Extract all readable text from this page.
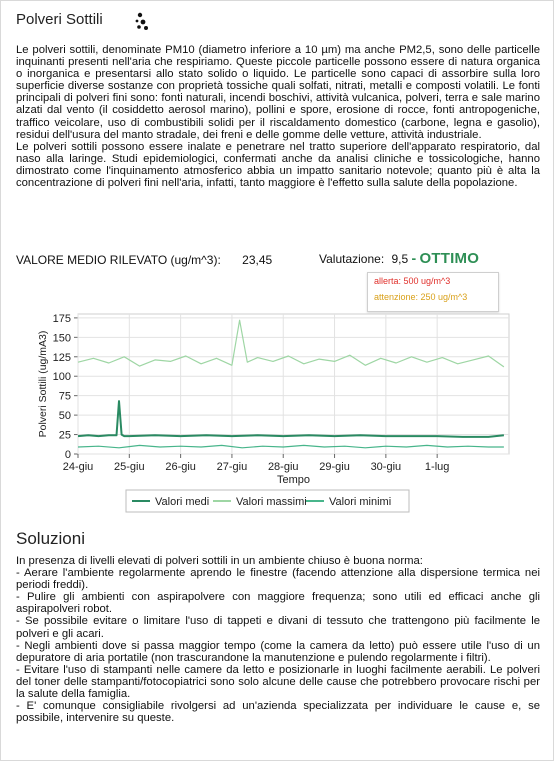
Polveri Sottili

Le polveri sottili, denominate PM10 (diametro inferiore a 10 µm) ma anche PM2,5, sono delle particelle inquinanti presenti nell'aria che respiriamo. Queste piccole particelle possono essere di natura organica o inorganica e presentarsi allo stato solido o liquido. Le particelle sono capaci di assorbire sulla loro superficie diverse sostanze con proprietà tossiche quali solfati, nitrati, metalli e composti volatili. Le fonti principali di polveri fini sono: fonti naturali, incendi boschivi, attività vulcanica, polveri, terra e sale marino alzati dal vento (il cosiddetto aerosol marino), pollini e spore, erosione di rocce, fonti antropogeniche, traffico veicolare, uso di combustibili solidi per il riscaldamento domestico (carbone, legna e gasolio), residui dell'usura del manto stradale, dei freni e delle gomme delle vetture, attività industriale.

Le polveri sottili possono essere inalate e penetrare nel tratto superiore dell'apparato respiratorio, dal naso alla laringe. Studi epidemiologici, confermati anche da analisi cliniche e tossicologiche, hanno dimostrato come l'inquinamento atmosferico abbia un impatto sanitario notevole; quanto più è alta la concentrazione di polveri fini nell'aria, infatti, tanto maggiore è l'effetto sulla salute della popolazione.

VALORE MEDIO RILEVATO (ug/m^3): 23,45	Valutazione: 9,5 - OTTIMO
allerta: 500 ug/m^3
attenzione: 250 ug/m^3
0
25
50
75
100
125
150
175
24-giu 25-giu 26-giu 27-giu 28-giu 29-giu 30-giu 1-lug
Tempo
Polveri Sottili (ug/mA3)
Valori medi Valori massimi Valori minimi
Soluzioni
In presenza di livelli elevati di polveri sottili in un ambiente chiuso è buona norma:
- Aerare l'ambiente regolarmente aprendo le finestre (facendo attenzione alla dispersione termica nei periodi freddi).
- Pulire gli ambienti con aspirapolvere con maggiore frequenza; sono utili ed efficaci anche gli aspirapolveri robot.
- Se possibile evitare o limitare l'uso di tappeti e divani di tessuto che trattengono più facilmente le polveri e gli acari.
- Negli ambienti dove si passa maggior tempo (come la camera da letto) può essere utile l'uso di un depuratore di aria portatile (non trascurandone la manutenzione e pulendo regolarmente i filtri).
- Evitare l'uso di stampanti nelle camere da letto e posizionarle in luoghi facilmente aerabili. Le polveri del toner delle stampanti/fotocopiatrici sono solo alcune delle cause che potrebbero provocare rischi per la salute della famiglia.
- E' comunque consigliabile rivolgersi ad un'azienda specializzata per individuare le cause e, se possibile, intervenire su queste.
